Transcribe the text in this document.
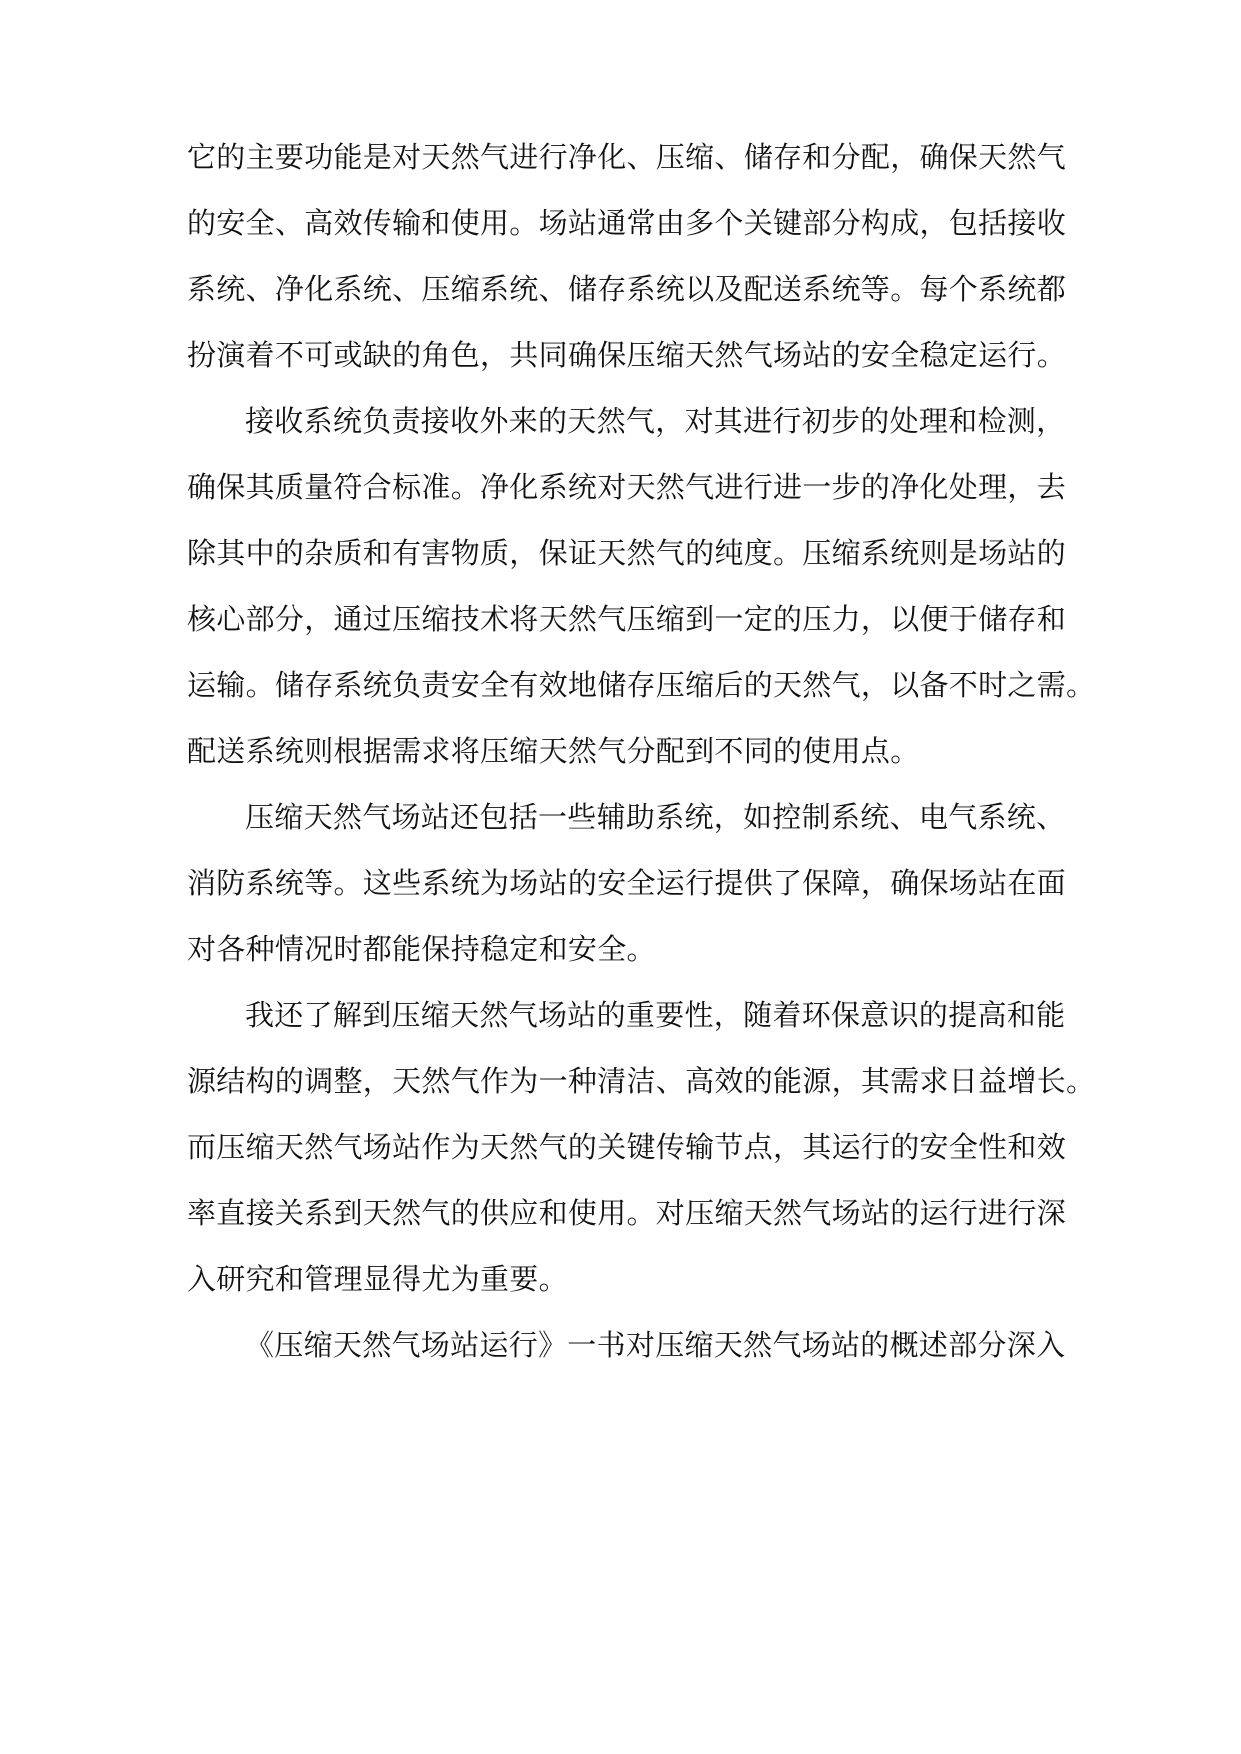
它的主要功能是对天然气进行净化、压缩、储存和分配，确保天然气
的安全、高效传输和使用。场站通常由多个关键部分构成，包括接收
系统、净化系统、压缩系统、储存系统以及配送系统等。每个系统都
扮演着不可或缺的角色，共同确保压缩天然气场站的安全稳定运行。
接收系统负责接收外来的天然气，对其进行初步的处理和检测，
确保其质量符合标准。净化系统对天然气进行进一步的净化处理，去
除其中的杂质和有害物质，保证天然气的纯度。压缩系统则是场站的
核心部分，通过压缩技术将天然气压缩到一定的压力，以便于储存和
运输。储存系统负责安全有效地储存压缩后的天然气，以备不时之需。
配送系统则根据需求将压缩天然气分配到不同的使用点。
压缩天然气场站还包括一些辅助系统，如控制系统、电气系统、
消防系统等。这些系统为场站的安全运行提供了保障，确保场站在面
对各种情况时都能保持稳定和安全。
我还了解到压缩天然气场站的重要性，随着环保意识的提高和能
源结构的调整，天然气作为一种清洁、高效的能源，其需求日益增长。
而压缩天然气场站作为天然气的关键传输节点，其运行的安全性和效
率直接关系到天然气的供应和使用。对压缩天然气场站的运行进行深
入研究和管理显得尤为重要。
《压缩天然气场站运行》一书对压缩天然气场站的概述部分深入
